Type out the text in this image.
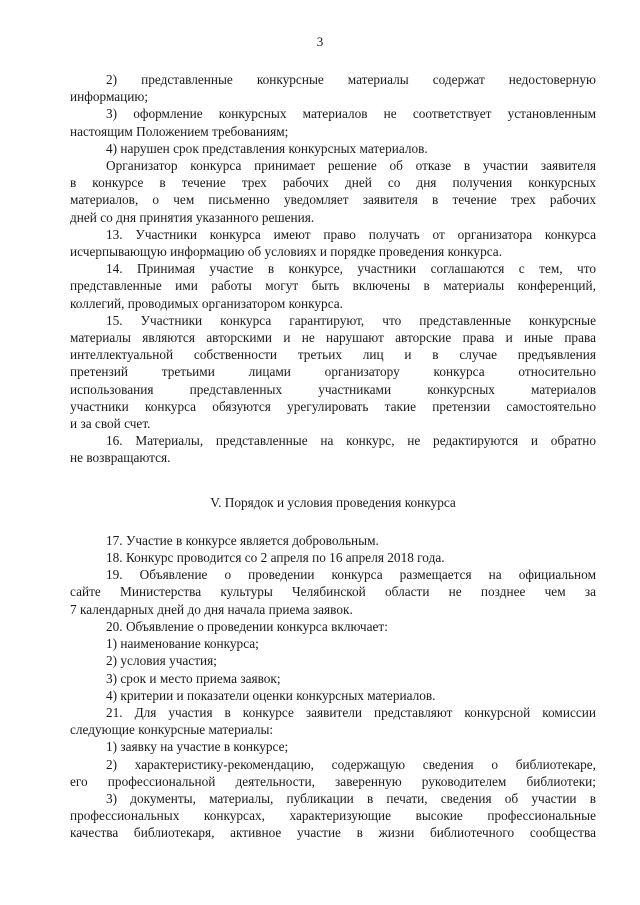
3
2) представленные конкурсные материалы содержат недостоверную
информацию;
3) оформление конкурсных материалов не соответствует установленным
настоящим Положением требованиям;
4) нарушен срок представления конкурсных материалов.
Организатор конкурса принимает решение об отказе в участии заявителя
в конкурсе в течение трех рабочих дней со дня получения конкурсных
материалов, о чем письменно уведомляет заявителя в течение трех рабочих
дней со дня принятия указанного решения.
13. Участники конкурса имеют право получать от организатора конкурса
исчерпывающую информацию об условиях и порядке проведения конкурса.
14. Принимая участие в конкурсе, участники соглашаются с тем, что
представленные ими работы могут быть включены в материалы конференций,
коллегий, проводимых организатором конкурса.
15. Участники конкурса гарантируют, что представленные конкурсные
материалы являются авторскими и не нарушают авторские права и иные права
интеллектуальной собственности третьих лиц и в случае предъявления
претензий третьими лицами организатору конкурса относительно
использования представленных участниками конкурсных материалов
участники конкурса обязуются урегулировать такие претензии самостоятельно
и за свой счет.
16. Материалы, представленные на конкурс, не редактируются и обратно
не возвращаются.
V. Порядок и условия проведения конкурса
17. Участие в конкурсе является добровольным.
18. Конкурс проводится со 2 апреля по 16 апреля 2018 года.
19. Объявление о проведении конкурса размещается на официальном
сайте Министерства культуры Челябинской области не позднее чем за
7 календарных дней до дня начала приема заявок.
20. Объявление о проведении конкурса включает:
1) наименование конкурса;
2) условия участия;
3) срок и место приема заявок;
4) критерии и показатели оценки конкурсных материалов.
21. Для участия в конкурсе заявители представляют конкурсной комиссии
следующие конкурсные материалы:
1) заявку на участие в конкурсе;
2) характеристику-рекомендацию, содержащую сведения о библиотекаре,
его профессиональной деятельности, заверенную руководителем библиотеки;
3) документы, материалы, публикации в печати, сведения об участии в
профессиональных конкурсах, характеризующие высокие профессиональные
качества библиотекаря, активное участие в жизни библиотечного сообщества
